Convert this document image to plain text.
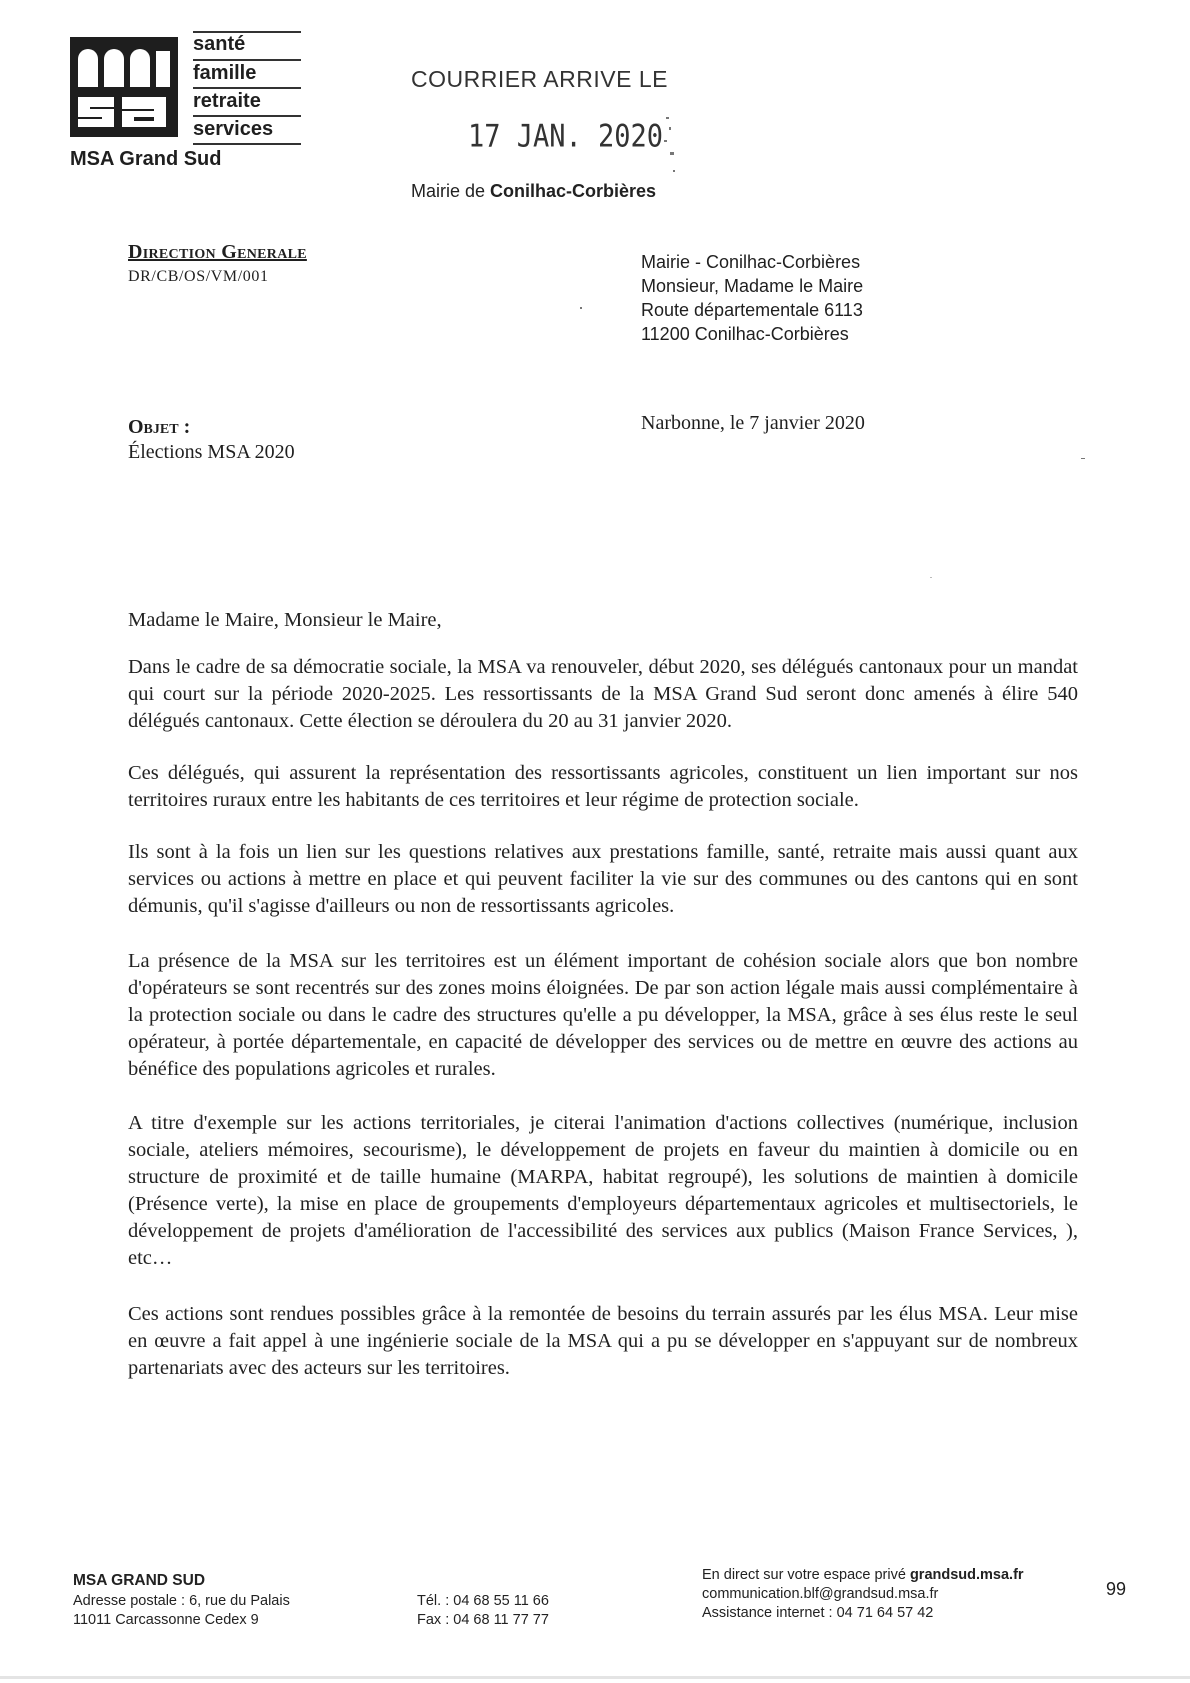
santé
famille
retraite
services
MSA Grand Sud
COURRIER ARRIVE LE
17 JAN. 2020
Mairie de Conilhac-Corbières
Direction Generale
DR/CB/OS/VM/001
Mairie - Conilhac-Corbières
Monsieur, Madame le Maire
Route départementale 6113
11200 Conilhac-Corbières
Objet :
Élections MSA 2020
Narbonne, le 7 janvier 2020
Madame le Maire, Monsieur le Maire,
Dans le cadre de sa démocratie sociale, la MSA va renouveler, début 2020, ses délégués cantonaux pour un mandat qui court sur la période 2020-2025. Les ressortissants de la MSA Grand Sud seront donc amenés à élire 540 délégués cantonaux. Cette élection se déroulera du 20 au 31 janvier 2020.
Ces délégués, qui assurent la représentation des ressortissants agricoles, constituent un lien important sur nos territoires ruraux entre les habitants de ces territoires et leur régime de protection sociale.
Ils sont à la fois un lien sur les questions relatives aux prestations famille, santé, retraite mais aussi quant aux services ou actions à mettre en place et qui peuvent faciliter la vie sur des communes ou des cantons qui en sont démunis, qu'il s'agisse d'ailleurs ou non de ressortissants agricoles.
La présence de la MSA sur les territoires est un élément important de cohésion sociale alors que bon nombre d'opérateurs se sont recentrés sur des zones moins éloignées. De par son action légale mais aussi complémentaire à la protection sociale ou dans le cadre des structures qu'elle a pu développer, la MSA, grâce à ses élus reste le seul opérateur, à portée départementale, en capacité de développer des services ou de mettre en œuvre des actions au bénéfice des populations agricoles et rurales.
A titre d'exemple sur les actions territoriales, je citerai l'animation d'actions collectives (numérique, inclusion sociale, ateliers mémoires, secourisme), le développement de projets en faveur du maintien à domicile ou en structure de proximité et de taille humaine (MARPA, habitat regroupé), les solutions de maintien à domicile (Présence verte), la mise en place de groupements d'employeurs départementaux agricoles et multisectoriels, le développement de projets d'amélioration de l'accessibilité des services aux publics (Maison France Services, ), etc…
Ces actions sont rendues possibles grâce à la remontée de besoins du terrain assurés par les élus MSA. Leur mise en œuvre a fait appel à une ingénierie sociale de la MSA qui a pu se développer en s'appuyant sur de nombreux partenariats avec des acteurs sur les territoires.
MSA GRAND SUD
Adresse postale : 6, rue du Palais
11011 Carcassonne Cedex 9
Tél. : 04 68 55 11 66
Fax : 04 68 11 77 77
En direct sur votre espace privé grandsud.msa.fr
communication.blf@grandsud.msa.fr
Assistance internet : 04 71 64 57 42
99
